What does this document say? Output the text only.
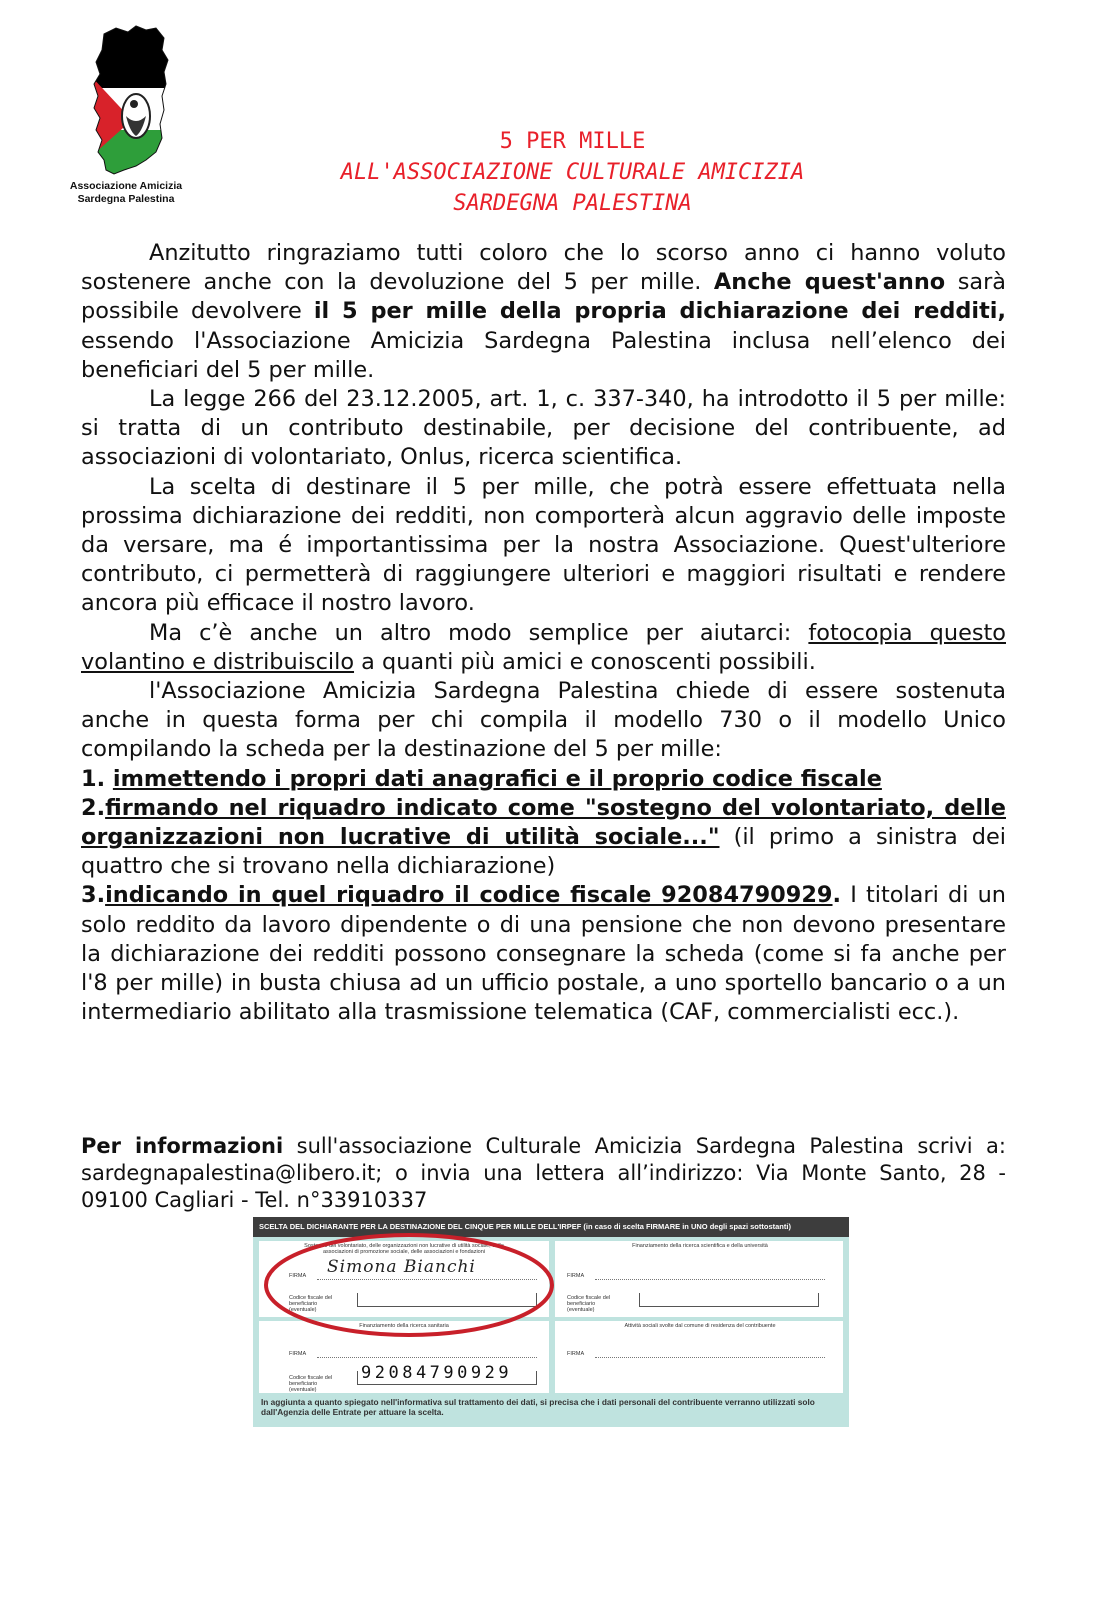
Associazione Amicizia
Sardegna Palestina
5 PER MILLE
ALL'ASSOCIAZIONE CULTURALE AMICIZIA
SARDEGNA PALESTINA

Anzitutto ringraziamo tutti coloro che lo scorso anno ci hanno voluto sostenere anche con la devoluzione del 5 per mille. Anche quest'anno sarà possibile devolvere il 5 per mille della propria dichiarazione dei redditi, essendo l'Associazione Amicizia Sardegna Palestina inclusa nell’elenco dei beneficiari del 5 per mille.

La legge 266 del 23.12.2005, art. 1, c. 337-340, ha introdotto il 5 per mille: si tratta di un contributo destinabile, per decisione del contribuente, ad associazioni di volontariato, Onlus, ricerca scientifica.

La scelta di destinare il 5 per mille, che potrà essere effettuata nella prossima dichiarazione dei redditi, non comporterà alcun aggravio delle imposte da versare, ma é importantissima per la nostra Associazione. Quest'ulteriore contributo, ci permetterà di raggiungere ulteriori e maggiori risultati e rendere ancora più efficace il nostro lavoro.

Ma c’è anche un altro modo semplice per aiutarci: fotocopia questo volantino e distribuiscilo a quanti più amici e conoscenti possibili.

l'Associazione Amicizia Sardegna Palestina chiede di essere sostenuta anche in questa forma per chi compila il modello 730 o il modello Unico compilando la scheda per la destinazione del 5 per mille:

1. immettendo i propri dati anagrafici e il proprio codice fiscale

2.firmando nel riquadro indicato come "sostegno del volontariato, delle organizzazioni non lucrative di utilità sociale..." (il primo a sinistra dei quattro che si trovano nella dichiarazione)

3.indicando in quel riquadro il codice fiscale 92084790929. I titolari di un solo reddito da lavoro dipendente o di una pensione che non devono presentare la dichiarazione dei redditi possono consegnare la scheda (come si fa anche per l'8 per mille) in busta chiusa ad un ufficio postale, a uno sportello bancario o a un intermediario abilitato alla trasmissione telematica (CAF, commercialisti ecc.).

Per informazioni sull'associazione Culturale Amicizia Sardegna Palestina scrivi a: sardegnapalestina@libero.it; o invia una lettera all’indirizzo: Via Monte Santo, 28 - 09100 Cagliari - Tel. n°33910337

SCELTA DEL DICHIARANTE PER LA DESTINAZIONE DEL CINQUE PER MILLE DELL'IRPEF (in caso di scelta FIRMARE in UNO degli spazi sottostanti)
Sostegno del volontariato, delle organizzazioni non lucrative di utilità sociale, delle associazioni di promozione sociale, delle associazioni e fondazioni
FIRMA Simona Bianchi
Codice fiscale del beneficiario (eventuale)
Finanziamento della ricerca scientifica e della università
FIRMA
Codice fiscale del beneficiario (eventuale)
Finanziamento della ricerca sanitaria
FIRMA
Codice fiscale del beneficiario (eventuale)
92084790929
Attività sociali svolte dal comune di residenza del contribuente
FIRMA
In aggiunta a quanto spiegato nell'informativa sul trattamento dei dati, si precisa che i dati personali del contribuente verranno utilizzati solo dall'Agenzia delle Entrate per attuare la scelta.
